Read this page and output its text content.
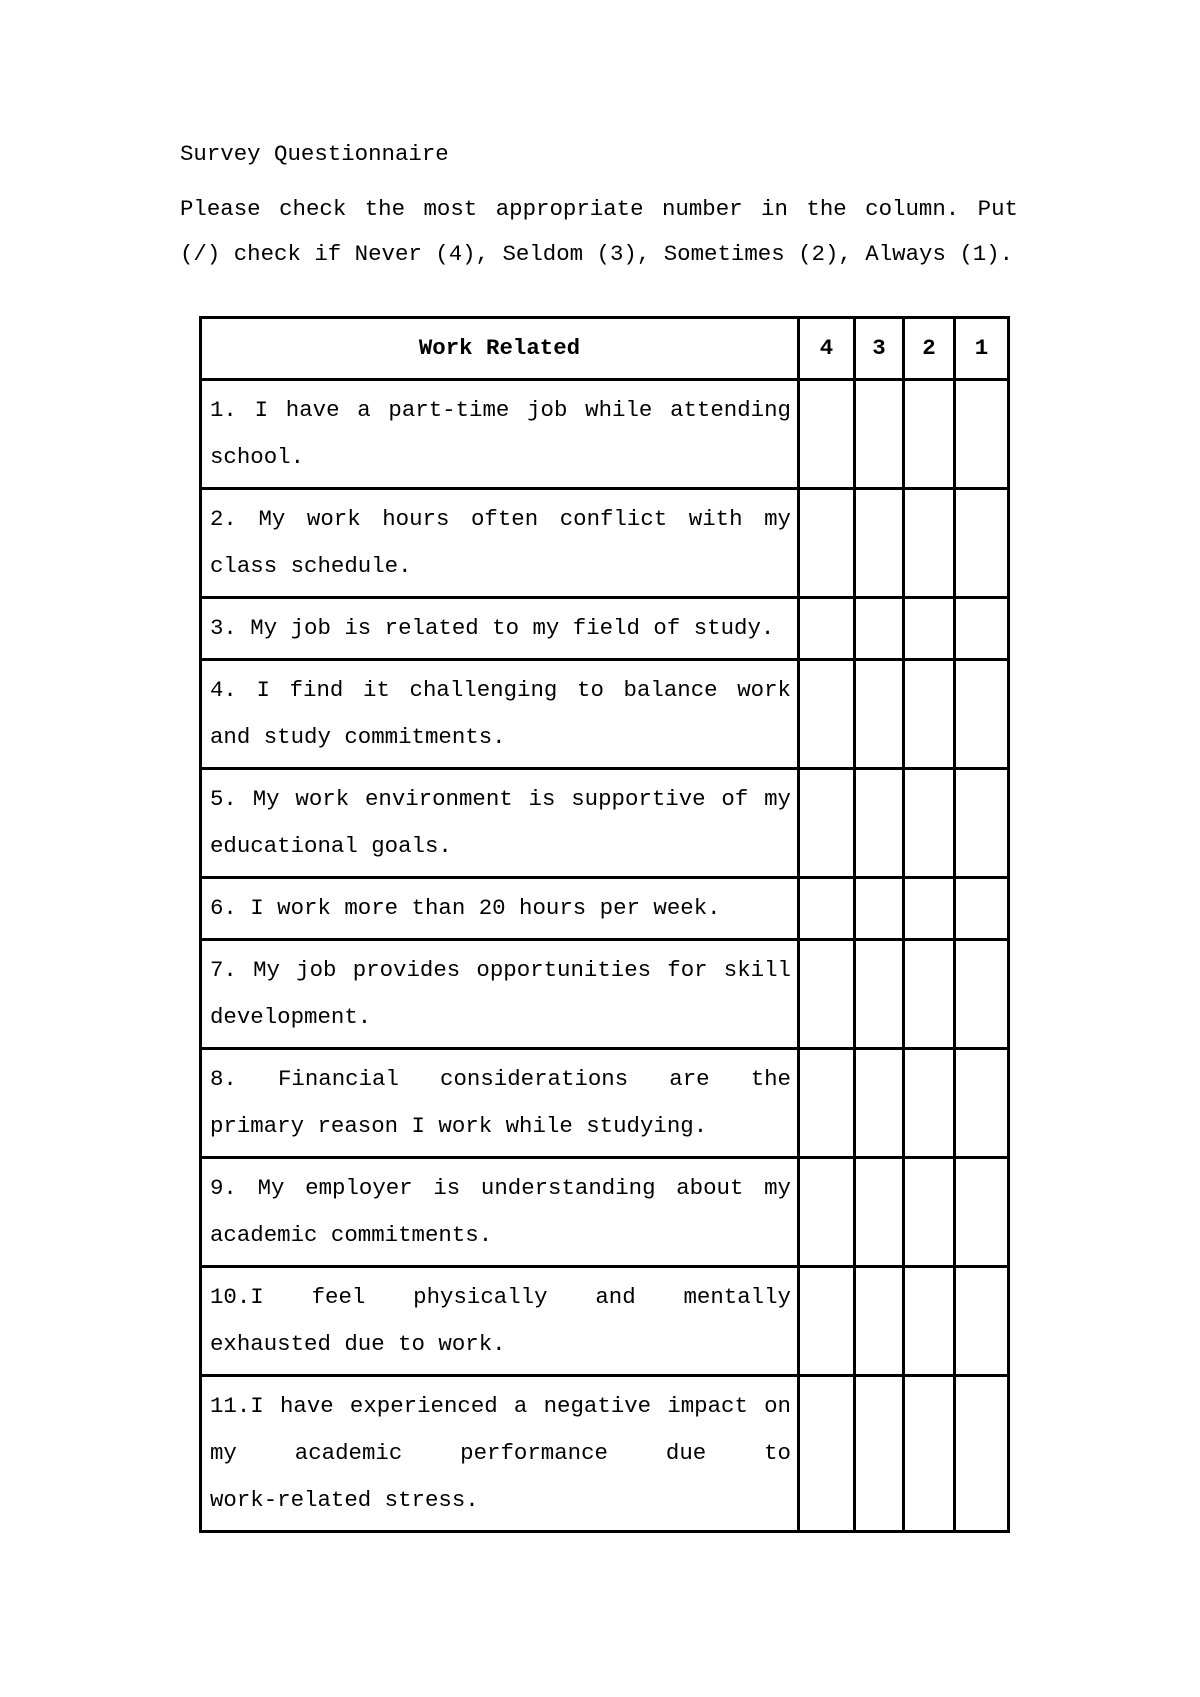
Survey Questionnaire
Please check the most appropriate number in the column. Put
(/) check if Never (4), Seldom (3), Sometimes (2), Always (1).
Work Related	4	3	2	1

1. I have a part-time job while attending
school.				

2. My work hours often conflict with my
class schedule.				

3. My job is related to my field of study.				

4. I find it challenging to balance work
and study commitments.				

5. My work environment is supportive of my
educational goals.				

6. I work more than 20 hours per week.				

7. My job provides opportunities for skill
development.				

8. Financial considerations are the
primary reason I work while studying.				

9. My employer is understanding about my
academic commitments.				

10.I feel physically and mentally
exhausted due to work.				

11.I have experienced a negative impact on
my academic performance due to
work-related stress.				
